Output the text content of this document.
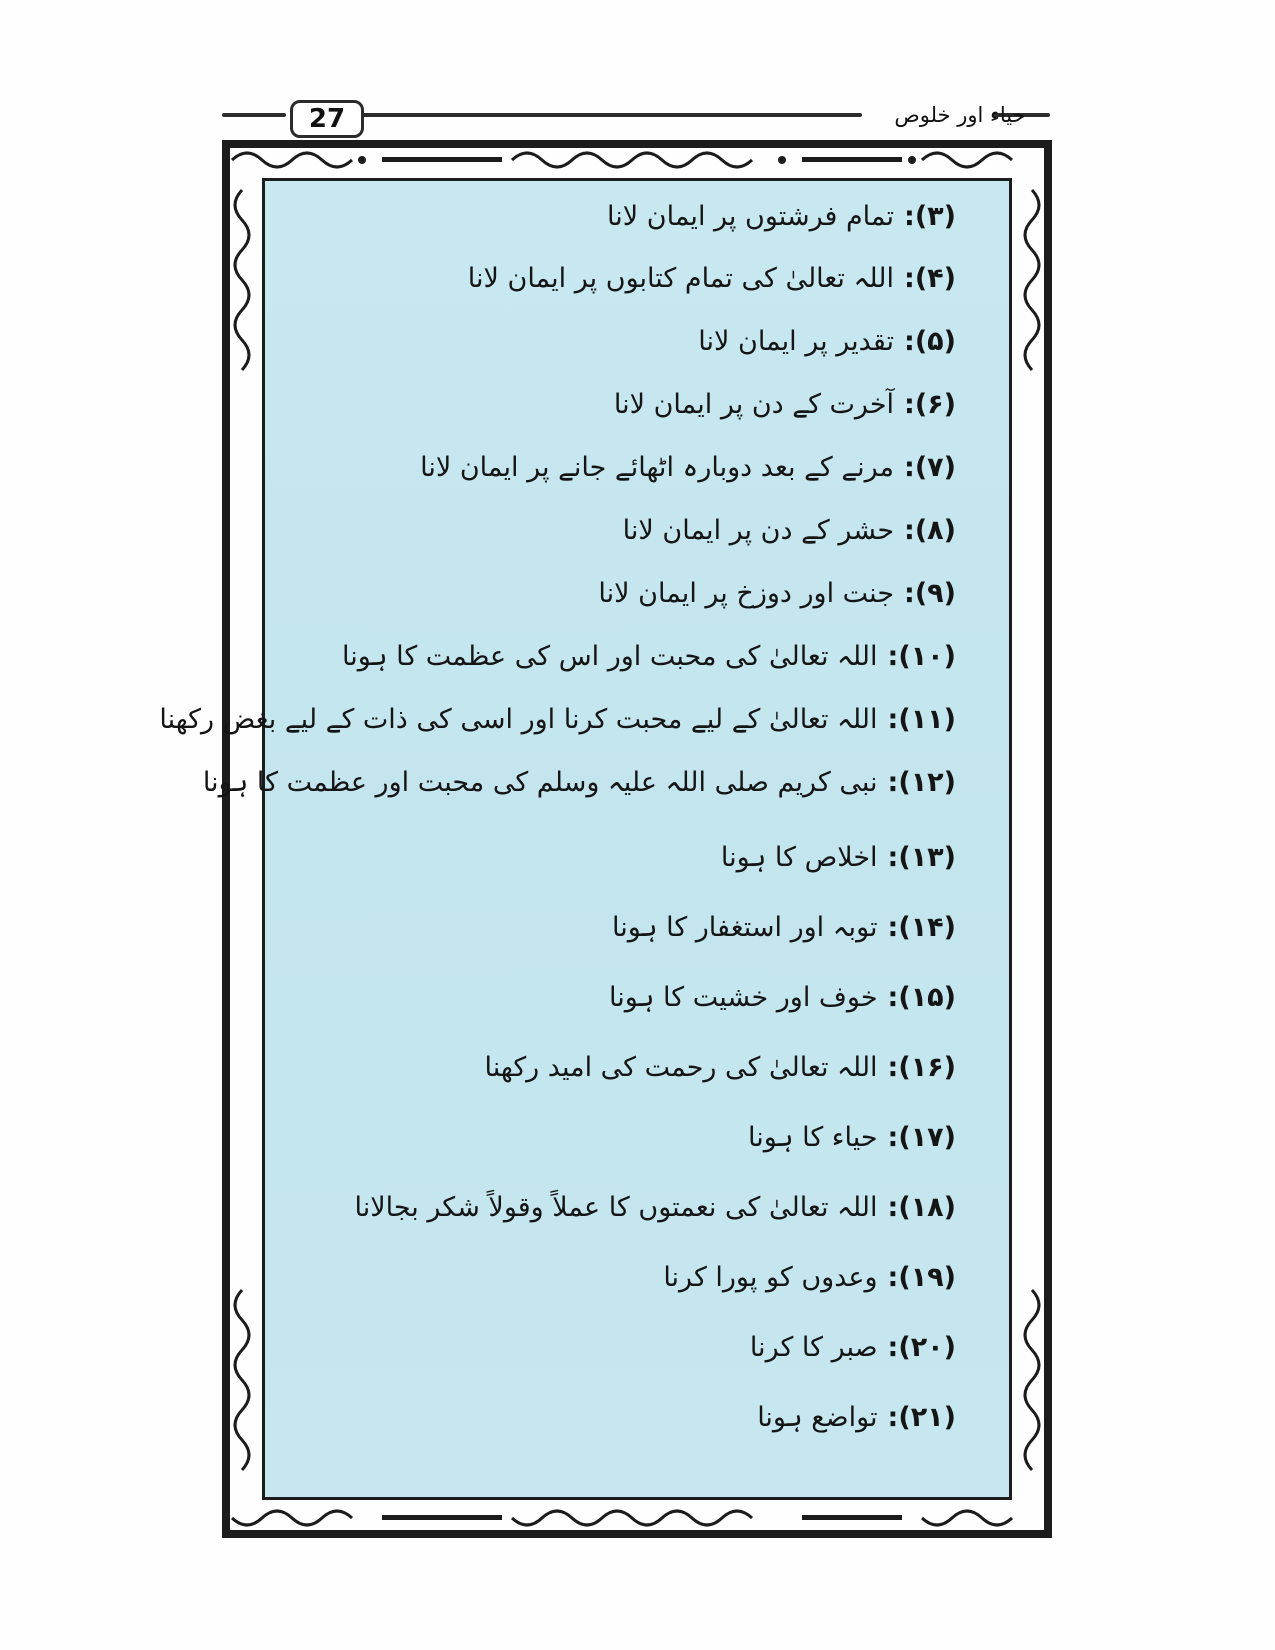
27	حیاء اور خلوص
(۳):تمام فرشتوں پر ایمان لانا
(۴):اللہ تعالیٰ کی تمام کتابوں پر ایمان لانا
(۵):تقدیر پر ایمان لانا
(۶):آخرت کے دن پر ایمان لانا
(۷):مرنے کے بعد دوبارہ اٹھائے جانے پر ایمان لانا
(۸):حشر کے دن پر ایمان لانا
(۹):جنت اور دوزخ پر ایمان لانا
(۱۰):اللہ تعالیٰ کی محبت اور اس کی عظمت کا ہونا
(۱۱):اللہ تعالیٰ کے لیے محبت کرنا اور اسی کی ذات کے لیے بغض رکھنا
(۱۲):نبی کریم صلی اللہ علیہ وسلم کی محبت اور عظمت کا ہونا
(۱۳):اخلاص کا ہونا
(۱۴):توبہ اور استغفار کا ہونا
(۱۵):خوف اور خشیت کا ہونا
(۱۶):اللہ تعالیٰ کی رحمت کی امید رکھنا
(۱۷):حیاء کا ہونا
(۱۸):اللہ تعالیٰ کی نعمتوں کا عملاً وقولاً شکر بجالانا
(۱۹):وعدوں کو پورا کرنا
(۲۰):صبر کا کرنا
(۲۱):تواضع ہونا
